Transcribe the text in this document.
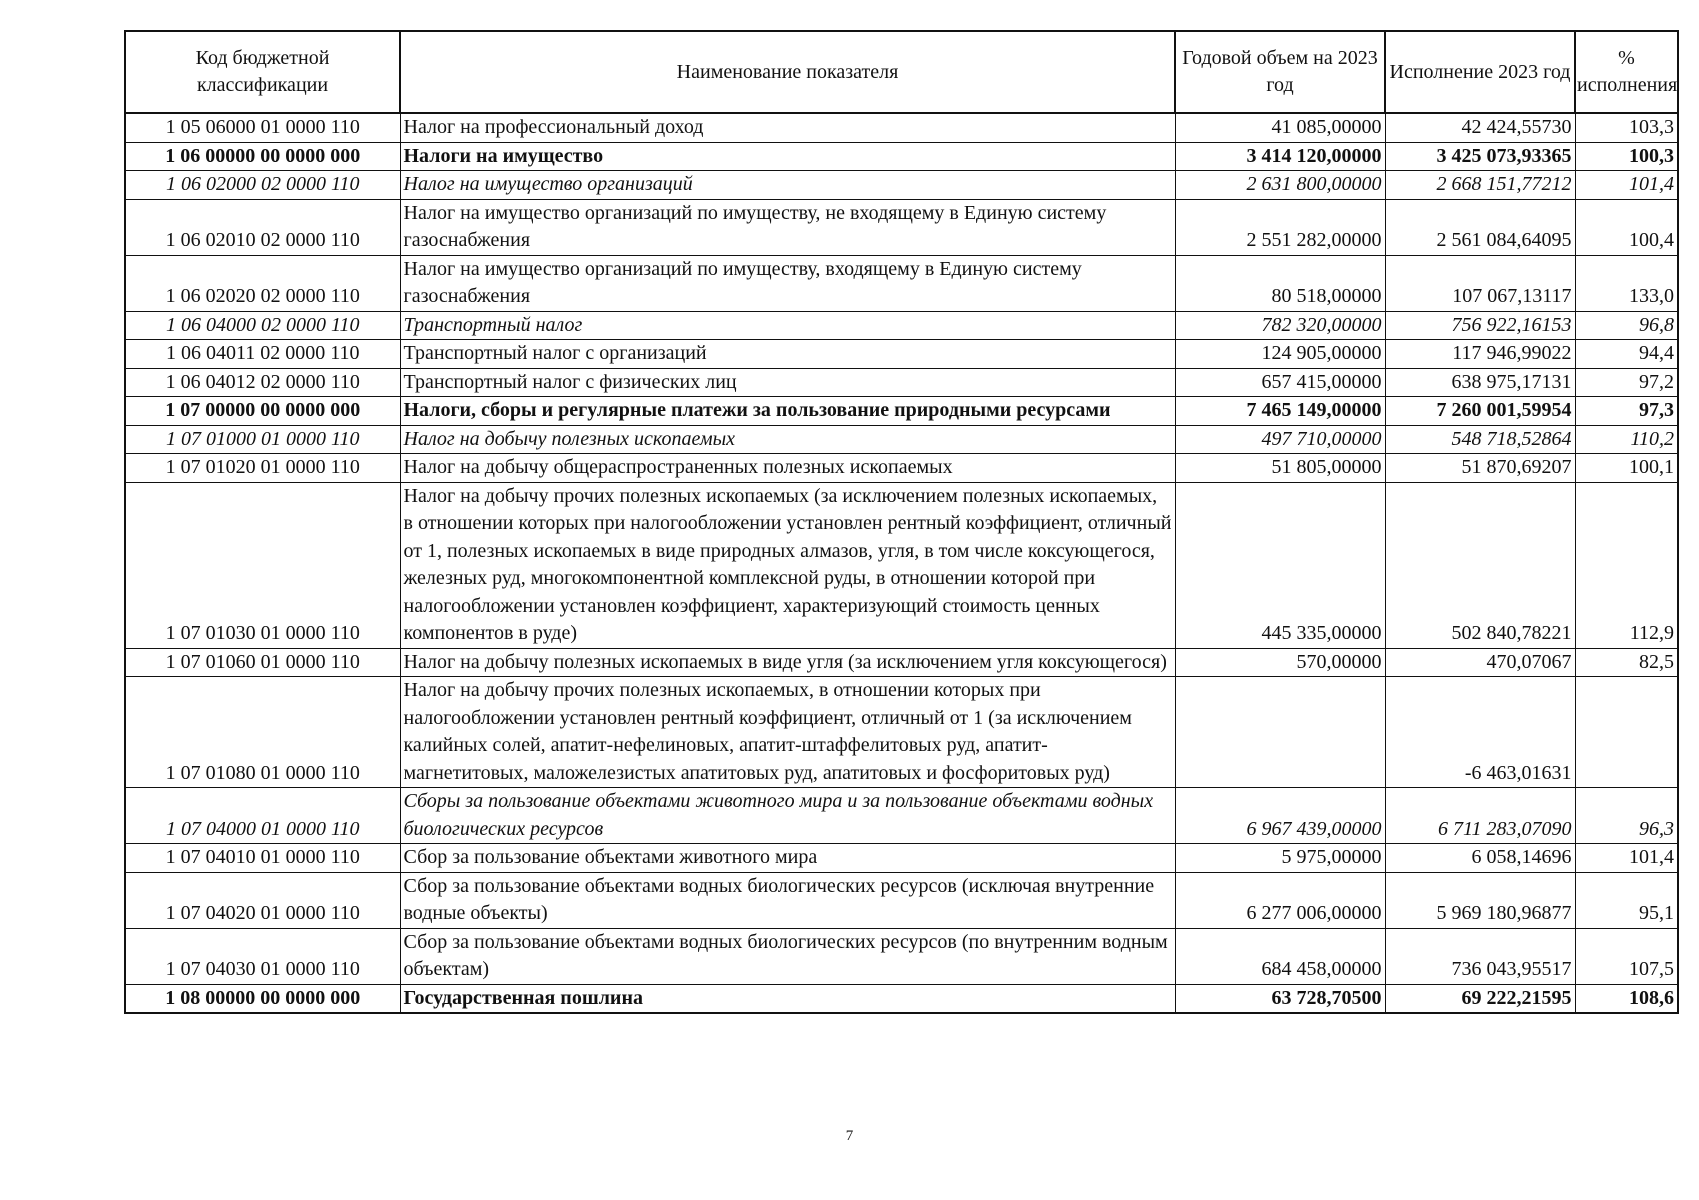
Код бюджетной классификации	Наименование показателя	Годовой объем на 2023 год	Исполнение 2023 год	% исполнения
1 05 06000 01 0000 110	Налог на профессиональный доход	41 085,00000	42 424,55730	103,3
1 06 00000 00 0000 000	Налоги на имущество	3 414 120,00000	3 425 073,93365	100,3
1 06 02000 02 0000 110	Налог на имущество организаций	2 631 800,00000	2 668 151,77212	101,4
1 06 02010 02 0000 110	Налог на имущество организаций по имуществу, не входящему в Единую систему газоснабжения	2 551 282,00000	2 561 084,64095	100,4
1 06 02020 02 0000 110	Налог на имущество организаций по имуществу, входящему в Единую систему газоснабжения	80 518,00000	107 067,13117	133,0
1 06 04000 02 0000 110	Транспортный налог	782 320,00000	756 922,16153	96,8
1 06 04011 02 0000 110	Транспортный налог с организаций	124 905,00000	117 946,99022	94,4
1 06 04012 02 0000 110	Транспортный налог с физических лиц	657 415,00000	638 975,17131	97,2
1 07 00000 00 0000 000	Налоги, сборы и регулярные платежи за пользование природными ресурсами	7 465 149,00000	7 260 001,59954	97,3
1 07 01000 01 0000 110	Налог на добычу полезных ископаемых	497 710,00000	548 718,52864	110,2
1 07 01020 01 0000 110	Налог на добычу общераспространенных полезных ископаемых	51 805,00000	51 870,69207	100,1
1 07 01030 01 0000 110	Налог на добычу прочих полезных ископаемых (за исключением полезных ископаемых, в отношении которых при налогообложении установлен рентный коэффициент, отличный от 1, полезных ископаемых в виде природных алмазов, угля, в том числе коксующегося, железных руд, многокомпонентной комплексной руды, в отношении которой при налогообложении установлен коэффициент, характеризующий стоимость ценных компонентов в руде)	445 335,00000	502 840,78221	112,9
1 07 01060 01 0000 110	Налог на добычу полезных ископаемых в виде угля (за исключением угля коксующегося)	570,00000	470,07067	82,5
1 07 01080 01 0000 110	Налог на добычу прочих полезных ископаемых, в отношении которых при налогообложении установлен рентный коэффициент, отличный от 1 (за исключением калийных солей, апатит-нефелиновых, апатит-штаффелитовых руд, апатит-магнетитовых, маложелезистых апатитовых руд, апатитовых и фосфоритовых руд)		-6 463,01631	
1 07 04000 01 0000 110	Сборы за пользование объектами животного мира и за пользование объектами водных биологических ресурсов	6 967 439,00000	6 711 283,07090	96,3
1 07 04010 01 0000 110	Сбор за пользование объектами животного мира	5 975,00000	6 058,14696	101,4
1 07 04020 01 0000 110	Сбор за пользование объектами водных биологических ресурсов (исключая внутренние водные объекты)	6 277 006,00000	5 969 180,96877	95,1
1 07 04030 01 0000 110	Сбор за пользование объектами водных биологических ресурсов (по внутренним водным объектам)	684 458,00000	736 043,95517	107,5
1 08 00000 00 0000 000	Государственная пошлина	63 728,70500	69 222,21595	108,6
7
